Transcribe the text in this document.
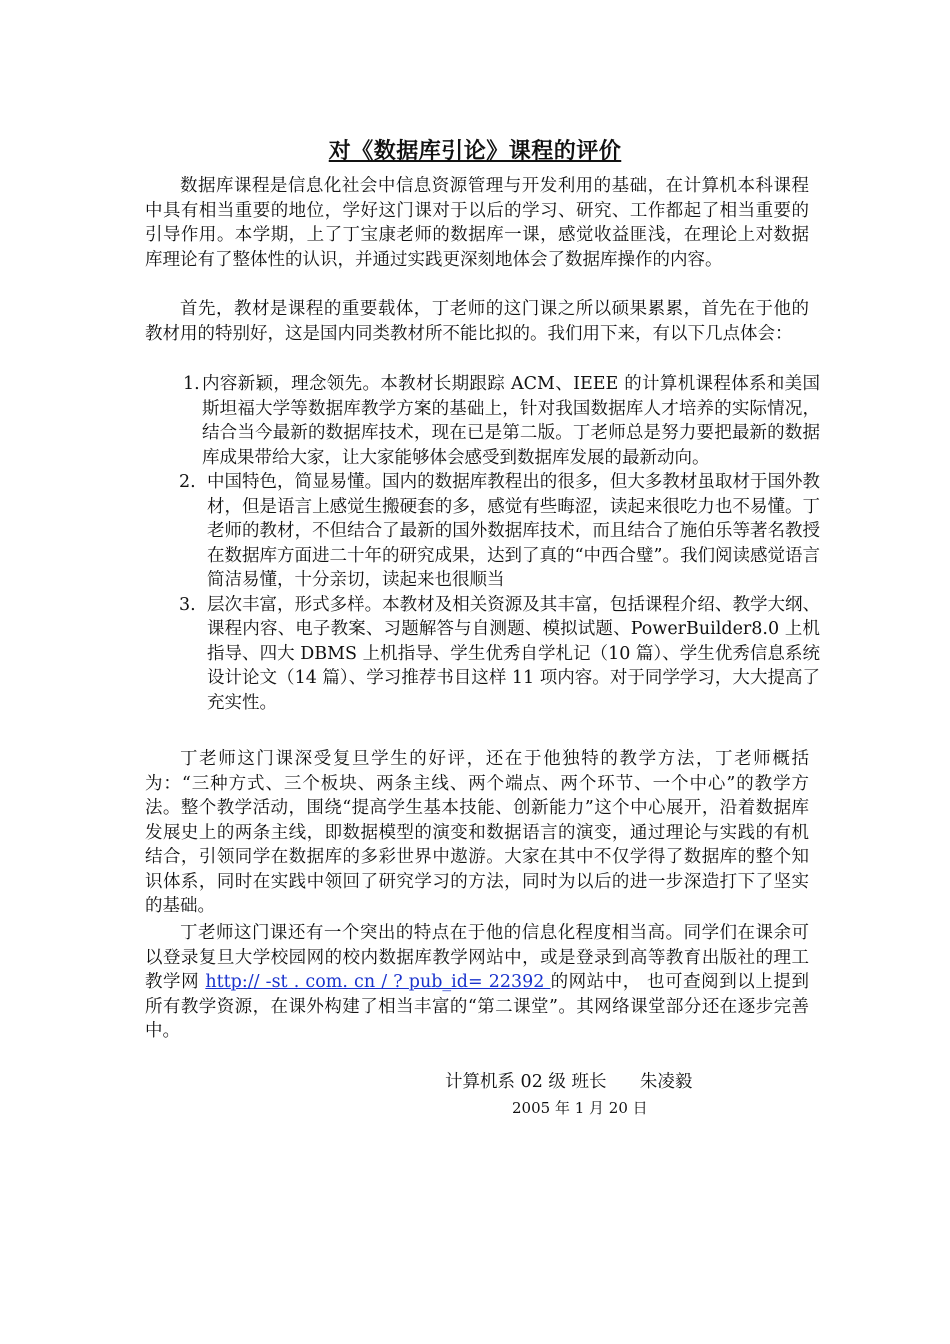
对《数据库引论》课程的评价

数据库课程是信息化社会中信息资源管理与开发利用的基础，在计算机本科课程中具有相当重要的地位，学好这门课对于以后的学习、研究、工作都起了相当重要的引导作用。本学期，上了丁宝康老师的数据库一课，感觉收益匪浅，在理论上对数据库理论有了整体性的认识，并通过实践更深刻地体会了数据库操作的内容。

首先，教材是课程的重要载体，丁老师的这门课之所以硕果累累，首先在于他的教材用的特别好，这是国内同类教材所不能比拟的。我们用下来，有以下几点体会：

1. 内容新颖，理念领先。本教材长期跟踪 ACM、IEEE 的计算机课程体系和美国斯坦福大学等数据库教学方案的基础上，针对我国数据库人才培养的实际情况，结合当今最新的数据库技术，现在已是第二版。丁老师总是努力要把最新的数据库成果带给大家，让大家能够体会感受到数据库发展的最新动向。
2. 中国特色，简显易懂。国内的数据库教程出的很多，但大多教材虽取材于国外教材，但是语言上感觉生搬硬套的多，感觉有些晦涩，读起来很吃力也不易懂。丁老师的教材，不但结合了最新的国外数据库技术，而且结合了施伯乐等著名教授在数据库方面进二十年的研究成果，达到了真的“中西合璧”。我们阅读感觉语言简洁易懂，十分亲切，读起来也很顺当
3. 层次丰富，形式多样。本教材及相关资源及其丰富，包括课程介绍、教学大纲、课程内容、电子教案、习题解答与自测题、模拟试题、PowerBuilder8.0 上机指导、四大 DBMS 上机指导、学生优秀自学札记（10 篇）、学生优秀信息系统设计论文（14 篇）、学习推荐书目这样 11 项内容。对于同学学习，大大提高了充实性。

丁老师这门课深受复旦学生的好评，还在于他独特的教学方法，丁老师概括为：“三种方式、三个板块、两条主线、两个端点、两个环节、一个中心”的教学方法。整个教学活动，围绕“提高学生基本技能、创新能力”这个中心展开，沿着数据库发展史上的两条主线，即数据模型的演变和数据语言的演变，通过理论与实践的有机结合，引领同学在数据库的多彩世界中遨游。大家在其中不仅学得了数据库的整个知识体系，同时在实践中领回了研究学习的方法，同时为以后的进一步深造打下了坚实的基础。

丁老师这门课还有一个突出的特点在于他的信息化程度相当高。同学们在课余可以登录复旦大学校园网的校内数据库教学网站中，或是登录到高等教育出版社的理工教学网 http:// -st . com. cn / ? pub_id= 22392 的网站中， 也可查阅到以上提到所有教学资源，在课外构建了相当丰富的“第二课堂”。其网络课堂部分还在逐步完善中。

计算机系 02 级 班长      朱凌毅
2005 年 1 月 20 日
